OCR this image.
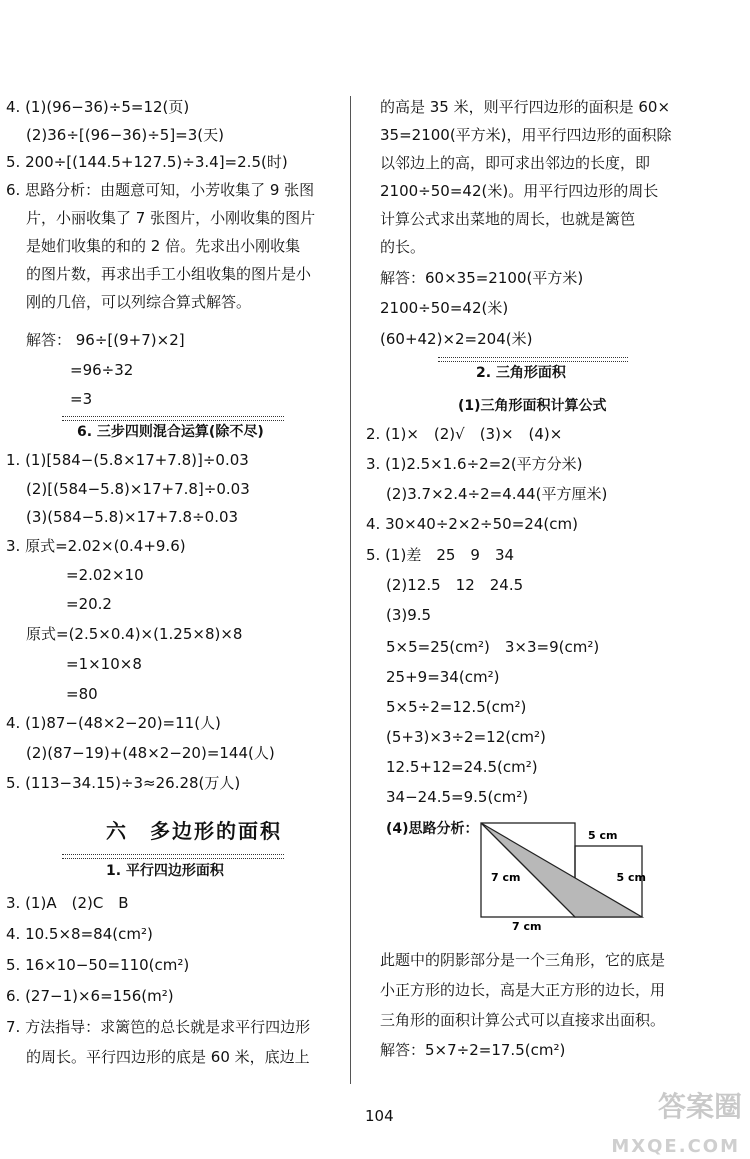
4. (1)(96−36)÷5=12(页)
(2)36÷[(96−36)÷5]=3(天)
5. 200÷[(144.5+127.5)÷3.4]=2.5(时)
6. 思路分析：由题意可知，小芳收集了 9 张图
片，小丽收集了 7 张图片，小刚收集的图片
是她们收集的和的 2 倍。先求出小刚收集
的图片数，再求出手工小组收集的图片是小
刚的几倍，可以列综合算式解答。
解答： 96÷[(9+7)×2]
=96÷32
=3
6. 三步四则混合运算(除不尽)
1. (1)[584−(5.8×17+7.8)]÷0.03
(2)[(584−5.8)×17+7.8]÷0.03
(3)(584−5.8)×17+7.8÷0.03
3. 原式=2.02×(0.4+9.6)
=2.02×10
=20.2
原式=(2.5×0.4)×(1.25×8)×8
=1×10×8
=80
4. (1)87−(48×2−20)=11(人)
(2)(87−19)+(48×2−20)=144(人)
5. (113−34.15)÷3≈26.28(万人)
六　多边形的面积
1. 平行四边形面积
3. (1)A　(2)C　B
4. 10.5×8=84(cm²)
5. 16×10−50=110(cm²)
6. (27−1)×6=156(m²)
7. 方法指导：求篱笆的总长就是求平行四边形
的周长。平行四边形的底是 60 米，底边上
的高是 35 米，则平行四边形的面积是 60×
35=2100(平方米)，用平行四边形的面积除
以邻边上的高，即可求出邻边的长度，即
2100÷50=42(米)。用平行四边形的周长
计算公式求出菜地的周长，也就是篱笆
的长。
解答：60×35=2100(平方米)
2100÷50=42(米)
(60+42)×2=204(米)
2. 三角形面积
(1)三角形面积计算公式
2. (1)×　(2)√　(3)×　(4)×
3. (1)2.5×1.6÷2=2(平方分米)
(2)3.7×2.4÷2=4.44(平方厘米)
4. 30×40÷2×2÷50=24(cm)
5. (1)差　25　9　34
(2)12.5　12　24.5
(3)9.5
5×5=25(cm²)　3×3=9(cm²)
25+9=34(cm²)
5×5÷2=12.5(cm²)
(5+3)×3÷2=12(cm²)
12.5+12=24.5(cm²)
34−24.5=9.5(cm²)
(4)思路分析：	5 cm
7 cm	5 cm
7 cm
此题中的阴影部分是一个三角形，它的底是
小正方形的边长，高是大正方形的边长，用
三角形的面积计算公式可以直接求出面积。
解答：5×7÷2=17.5(cm²)
104	答案圈
MXQE.COM
